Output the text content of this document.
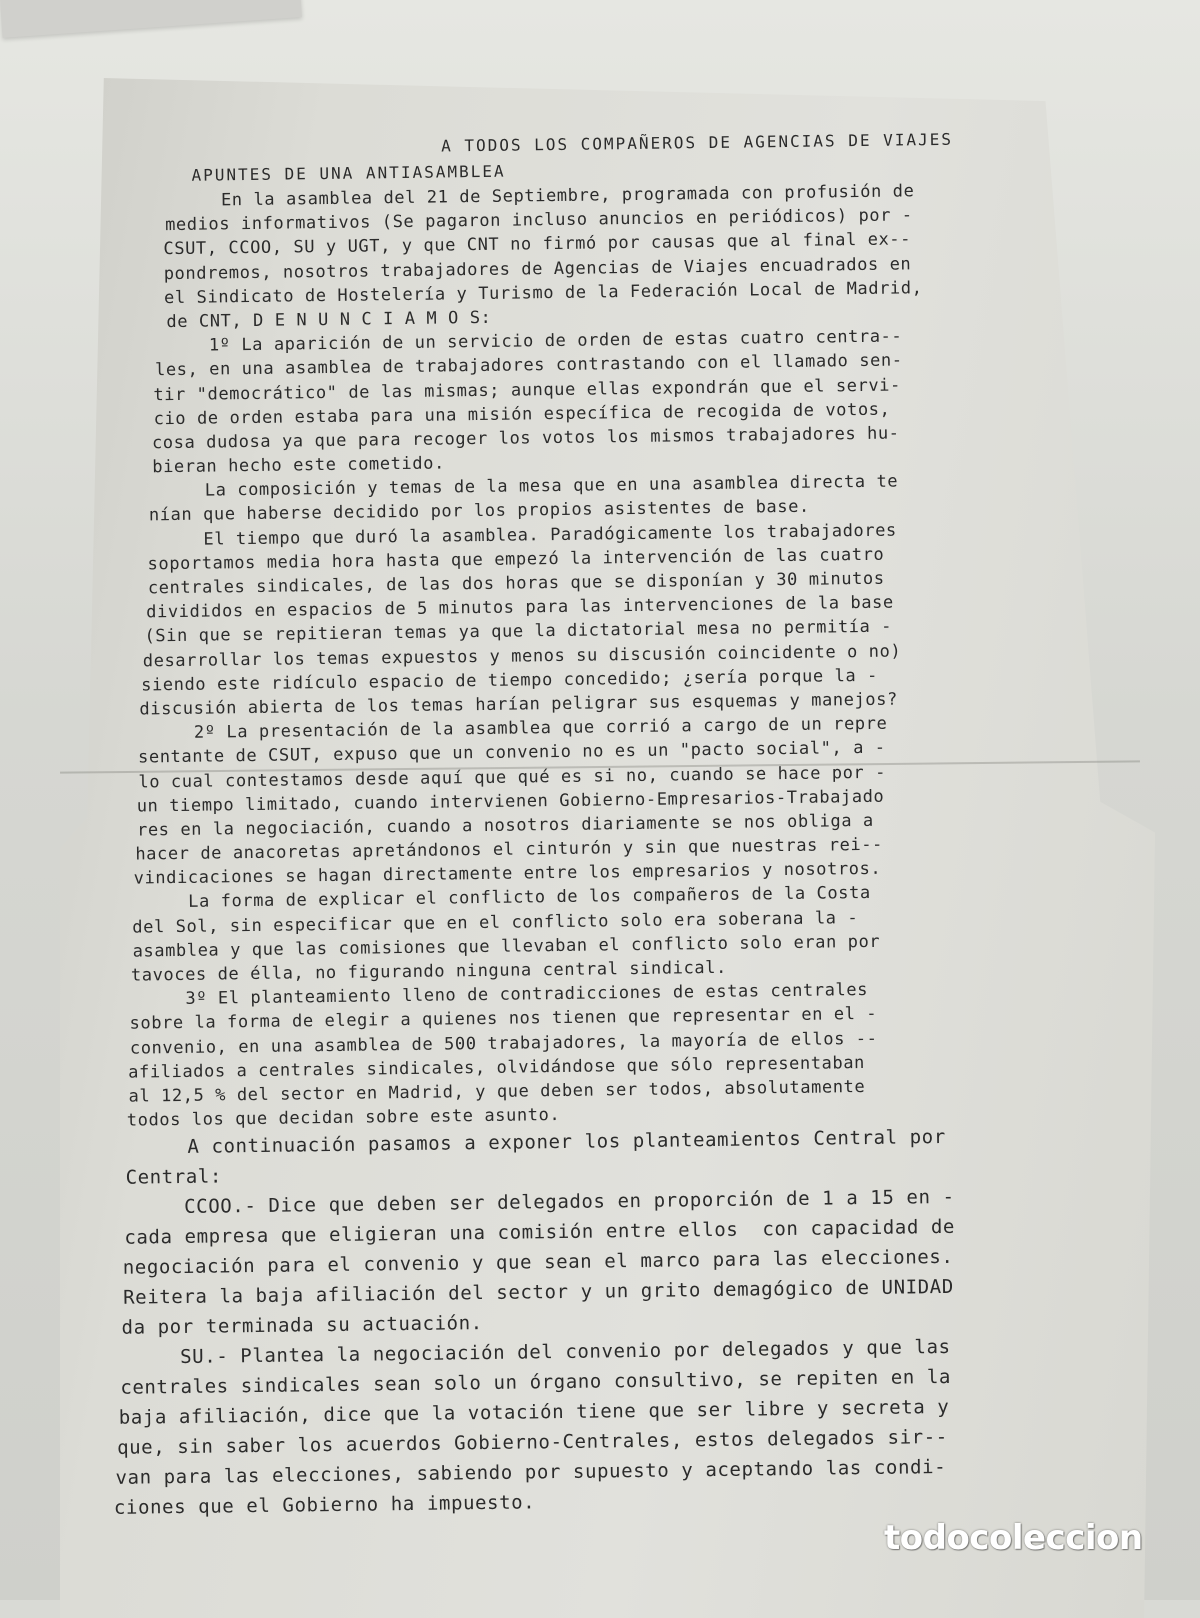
A TODOS LOS COMPAÑEROS DE AGENCIAS DE VIAJES
APUNTES DE UNA ANTIASAMBLEA
En la asamblea del 21 de Septiembre, programada con profusión de
medios informativos (Se pagaron incluso anuncios en periódicos) por -
CSUT, CCOO, SU y UGT, y que CNT no firmó por causas que al final ex--
pondremos, nosotros trabajadores de Agencias de Viajes encuadrados en
el Sindicato de Hostelería y Turismo de la Federación Local de Madrid,
de CNT, D E N U N C I A M O S:
1º La aparición de un servicio de orden de estas cuatro centra--
les, en una asamblea de trabajadores contrastando con el llamado sen-
tir "democrático" de las mismas; aunque ellas expondrán que el servi-
cio de orden estaba para una misión específica de recogida de votos,
cosa dudosa ya que para recoger los votos los mismos trabajadores hu-
bieran hecho este cometido.
La composición y temas de la mesa que en una asamblea directa te
nían que haberse decidido por los propios asistentes de base.
El tiempo que duró la asamblea. Paradógicamente los trabajadores
soportamos media hora hasta que empezó la intervención de las cuatro
centrales sindicales, de las dos horas que se disponían y 30 minutos
divididos en espacios de 5 minutos para las intervenciones de la base
(Sin que se repitieran temas ya que la dictatorial mesa no permitía -
desarrollar los temas expuestos y menos su discusión coincidente o no)
siendo este ridículo espacio de tiempo concedido; ¿sería porque la -
discusión abierta de los temas harían peligrar sus esquemas y manejos?
2º La presentación de la asamblea que corrió a cargo de un repre
sentante de CSUT, expuso que un convenio no es un "pacto social", a -
lo cual contestamos desde aquí que qué es si no, cuando se hace por -
un tiempo limitado, cuando intervienen Gobierno-Empresarios-Trabajado
res en la negociación, cuando a nosotros diariamente se nos obliga a
hacer de anacoretas apretándonos el cinturón y sin que nuestras rei--
vindicaciones se hagan directamente entre los empresarios y nosotros.
La forma de explicar el conflicto de los compañeros de la Costa
del Sol, sin especificar que en el conflicto solo era soberana la -
asamblea y que las comisiones que llevaban el conflicto solo eran por
tavoces de élla, no figurando ninguna central sindical.
3º El planteamiento lleno de contradicciones de estas centrales
sobre la forma de elegir a quienes nos tienen que representar en el -
convenio, en una asamblea de 500 trabajadores, la mayoría de ellos --
afiliados a centrales sindicales, olvidándose que sólo representaban
al 12,5 % del sector en Madrid, y que deben ser todos, absolutamente
todos los que decidan sobre este asunto.
A continuación pasamos a exponer los planteamientos Central por
Central:
CCOO.- Dice que deben ser delegados en proporción de 1 a 15 en -
cada empresa que eligieran una comisión entre ellos  con capacidad de
negociación para el convenio y que sean el marco para las elecciones.
Reitera la baja afiliación del sector y un grito demagógico de UNIDAD
da por terminada su actuación.
SU.- Plantea la negociación del convenio por delegados y que las
centrales sindicales sean solo un órgano consultivo, se repiten en la
baja afiliación, dice que la votación tiene que ser libre y secreta y
que, sin saber los acuerdos Gobierno-Centrales, estos delegados sir--
van para las elecciones, sabiendo por supuesto y aceptando las condi-
ciones que el Gobierno ha impuesto.
todocoleccion
